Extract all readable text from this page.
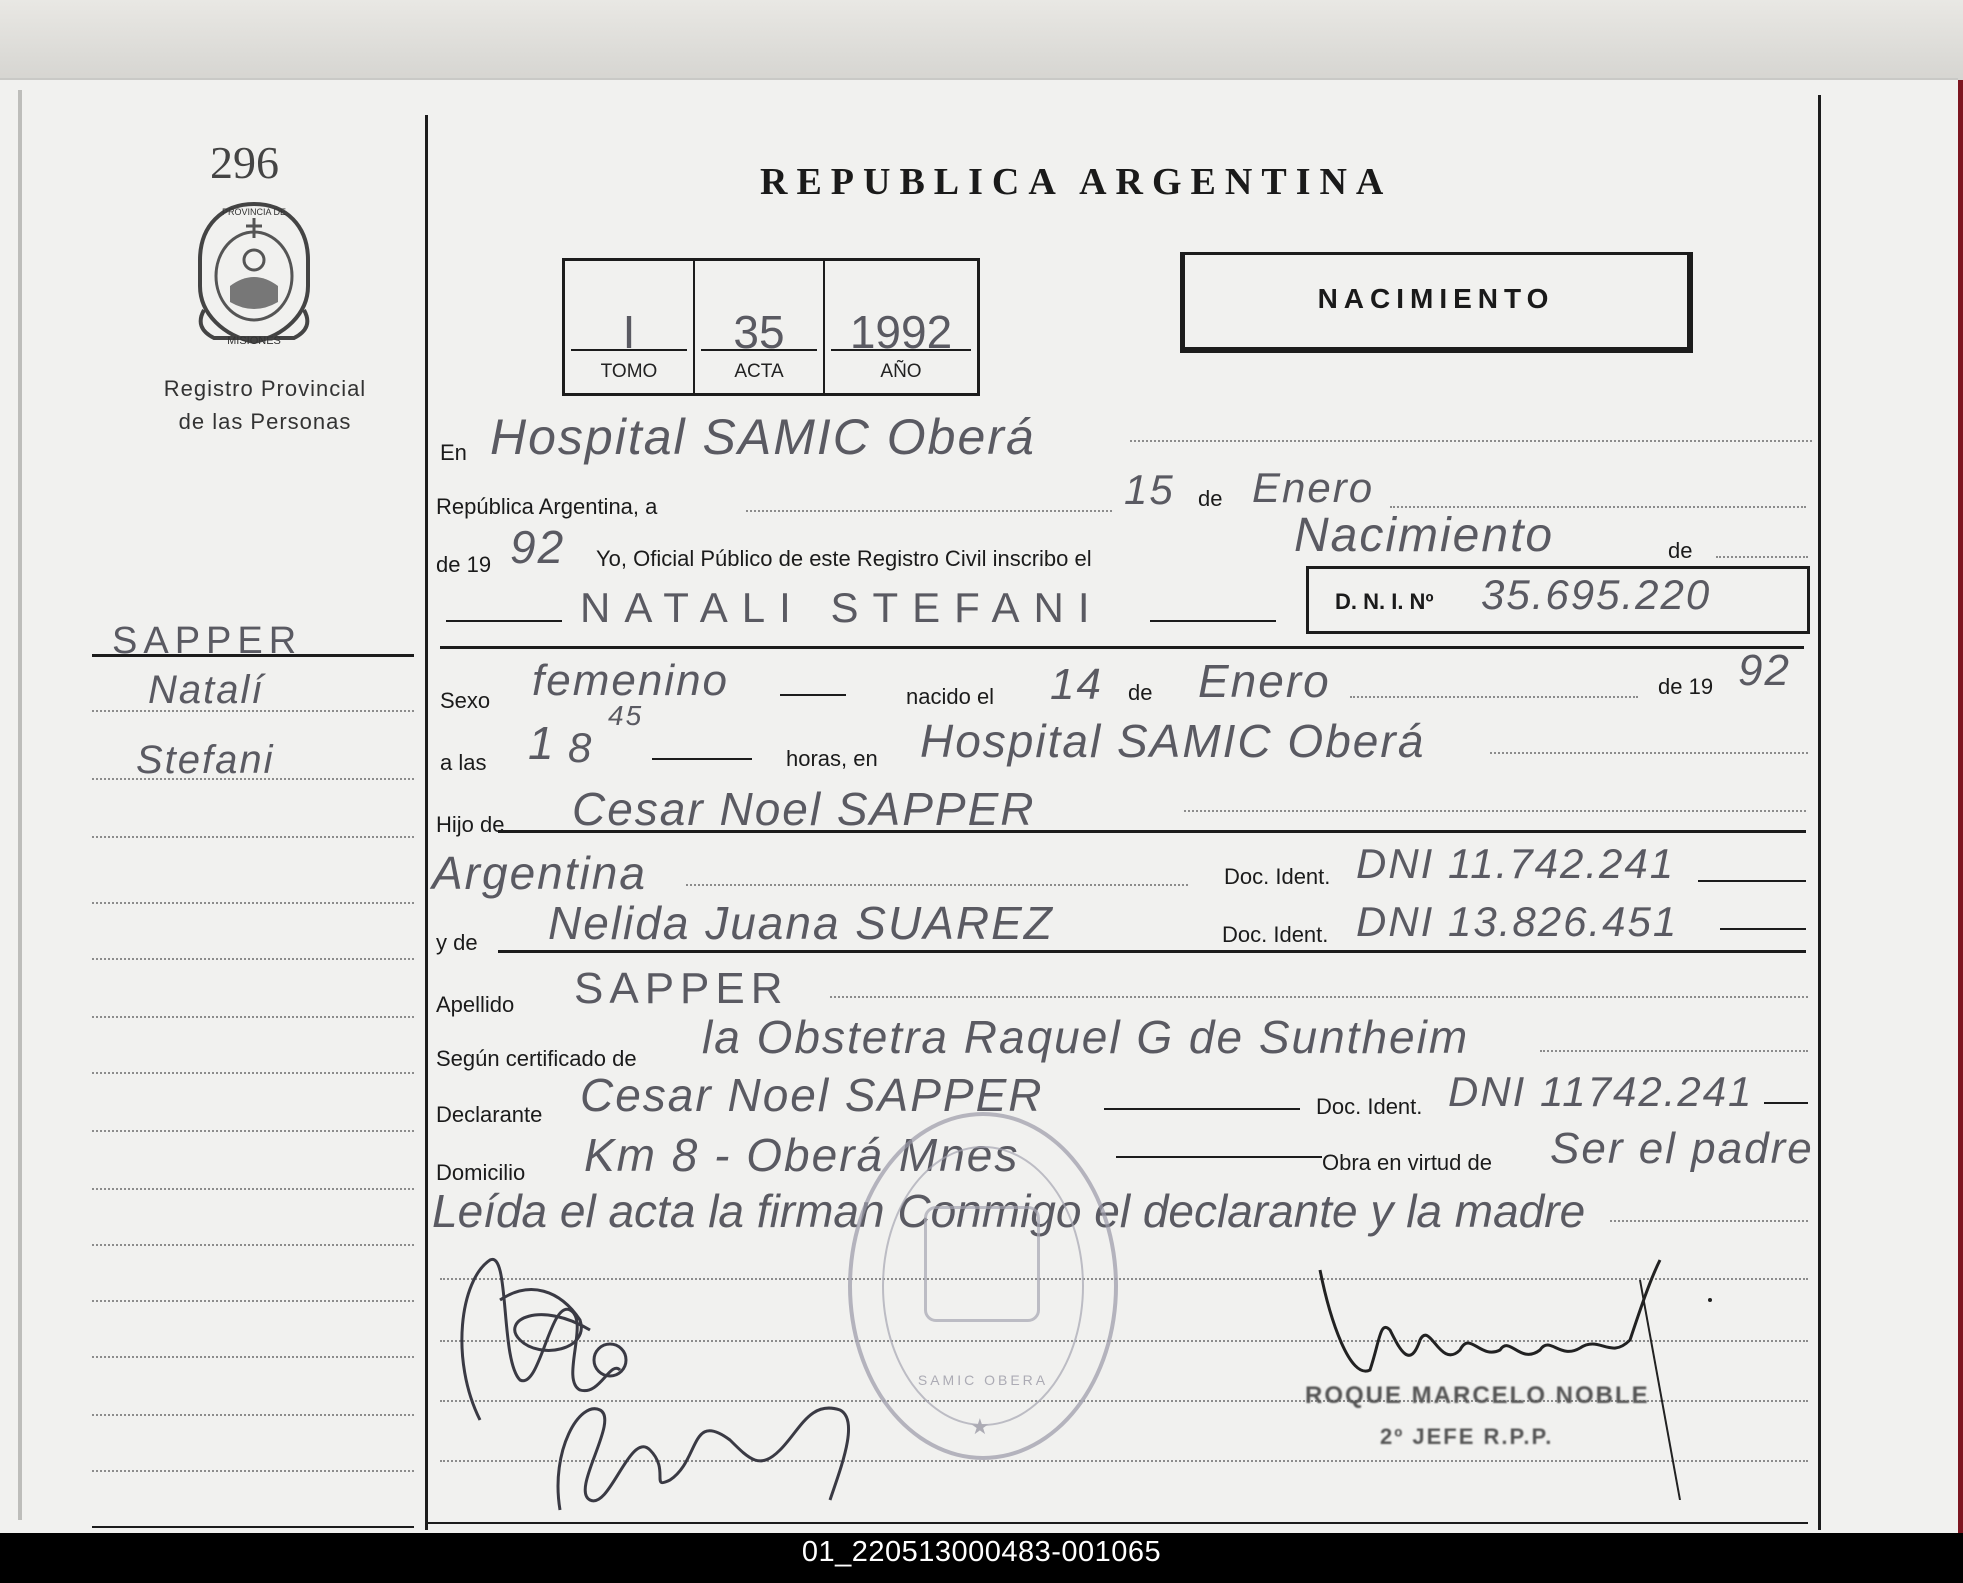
296
MISIONES
PROVINCIA DE
Registro Provincial
de las Personas
REPUBLICA ARGENTINA
I
TOMO
35
ACTA
1992
AÑO
NACIMIENTO
SAPPER
Natalí
Stefani
En Hospital SAMIC Oberá
República Argentina, a	15 de Enero
de 19 92 Yo, Oficial Público de este Registro Civil inscribo el	Nacimiento	de
NATALI STEFANI	D. N. I. Nº 35.695.220
Sexo femenino	nacido el 14 de Enero	de 19 92
a las 1 8
45
horas, en Hospital SAMIC Oberá
Hijo de Cesar Noel SAPPER
Argentina	Doc. Ident. DNI 11.742.241
y de Nelida Juana SUAREZ	Doc. Ident. DNI 13.826.451
Apellido SAPPER
Según certificado de la Obstetra Raquel G de Suntheim
Declarante Cesar Noel SAPPER	Doc. Ident. DNI 11742.241
Domicilio Km 8 - Oberá Mnes	Obra en virtud de Ser el padre
Leída el acta la firman Conmigo el declarante y la madre
SAMIC OBERA
★
ROQUE MARCELO NOBLE
2º JEFE R.P.P.
01_220513000483-001065
